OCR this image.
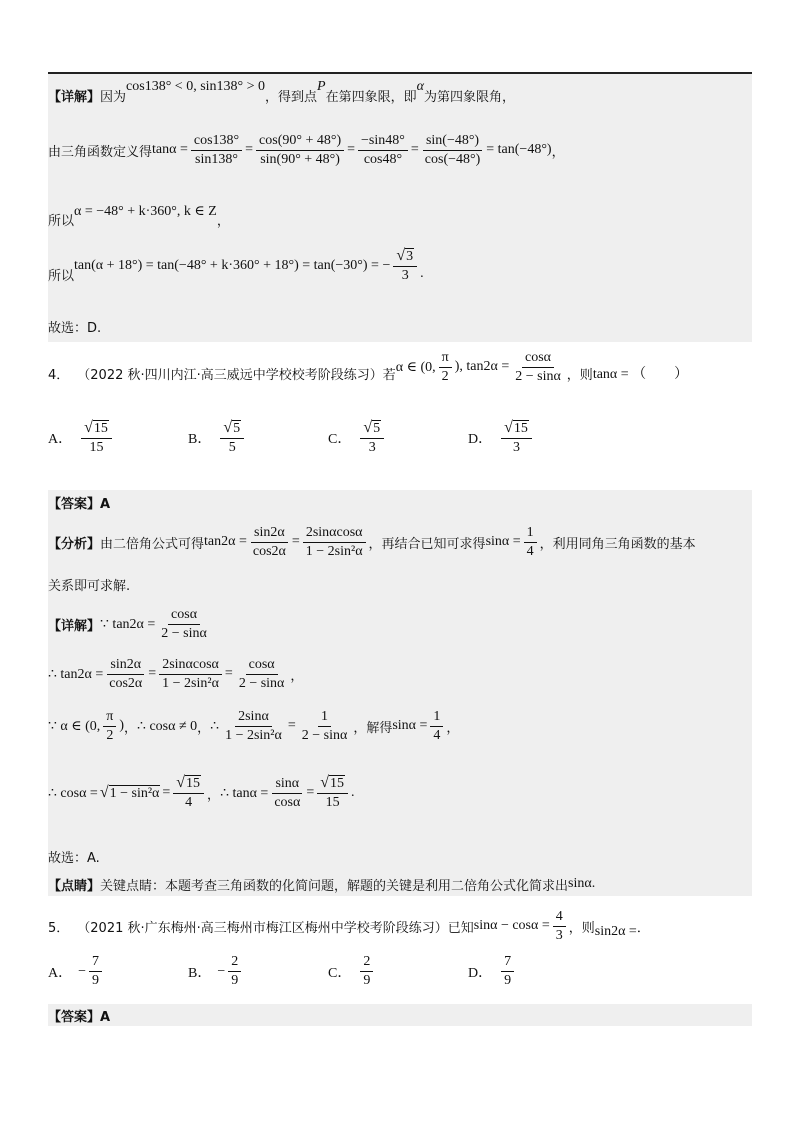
【详解】 因为
cos138° < 0, sin138° > 0
，得到点
P
在第四象限，即
α
为第四象限角，
由三角函数定义得 $\tan\alpha = \frac{\cos 138^\circ}{\sin 138^\circ} = \frac{\cos(90^\circ + 48^\circ)}{\sin(90^\circ + 48^\circ)} = \frac{-\sin 48^\circ}{\cos 48^\circ} = \frac{\sin(-48^\circ)}{\cos(-48^\circ)} = \tan(-48^\circ)$ ，
所以
α = −48° + k·360°, k ∈ Z
，
所以
tan(α + 18°) = tan(−48° + k·360° + 18°) = tan(−30°) = − $\frac{√ 3}{3}$ .
故选：D.
4． （2022 秋·四川内江·高三威远中学校校考阶段练习）若
α ∈ (0, $\frac{\pi}{2}$ ), $\tan 2\alpha = \frac{\cos\alpha}{2 - \sin\alpha}$ ，则 tanα = （　　）
A． $\frac{√ 15}{15}$	B． $\frac{√ 5}{5}$	C． $\frac{√ 5}{3}$	D． $\frac{√ 15}{3}$
【答案】A
【分析】 由二倍角公式可得 $\tan 2\alpha = \frac{\sin 2\alpha}{\cos 2\alpha} = \frac{2\sin\alpha\cos\alpha}{\text{1 − 2sin²α}}$ ，再结合已知可求得 $\sin\alpha = \frac{1}{4}$ ，利用同角三角函数的基本
关系即可求解.
【详解】 ∵ $\tan 2\alpha = \frac{\cos\alpha}{2 - \sin\alpha}$
∴ $\tan 2\alpha = \frac{\sin 2\alpha}{\cos 2\alpha} = \frac{2\sin\alpha\cos\alpha}{\text{1 − 2sin²α}} = \frac{\cos\alpha}{2 - \sin\alpha}$ ，
∵ α ∈ (0, $\frac{\pi}{2}$ ) ， ∴ cosα ≠ 0 ， ∴ $\frac{2\sin\alpha}{\text{1 − 2sin²α}} = \frac{1}{2 - \sin\alpha}$ ，解得 $\sin\alpha = \frac{1}{4}$ ，
∴ cosα = √ $1 - \sin^2\alpha = \frac{√ 15}{4}$ ， ∴ $\tan\alpha = \frac{\sin\alpha}{\cos\alpha} = \frac{√ 15}{15}$ .
故选：A.
【点睛】 关键点睛：本题考查三角函数的化简问题，解题的关键是利用二倍角公式化简求出 sinα .
5． （2021 秋·广东梅州·高三梅州市梅江区梅州中学校考阶段练习）已知 $\sin\alpha - \cos\alpha = \frac{4}{3}$ ，则 sin2α = ．
A． − $\frac{7}{9}$	B． − $\frac{2}{9}$	C． $\frac{2}{9}$	D． $\frac{7}{9}$
【答案】A
